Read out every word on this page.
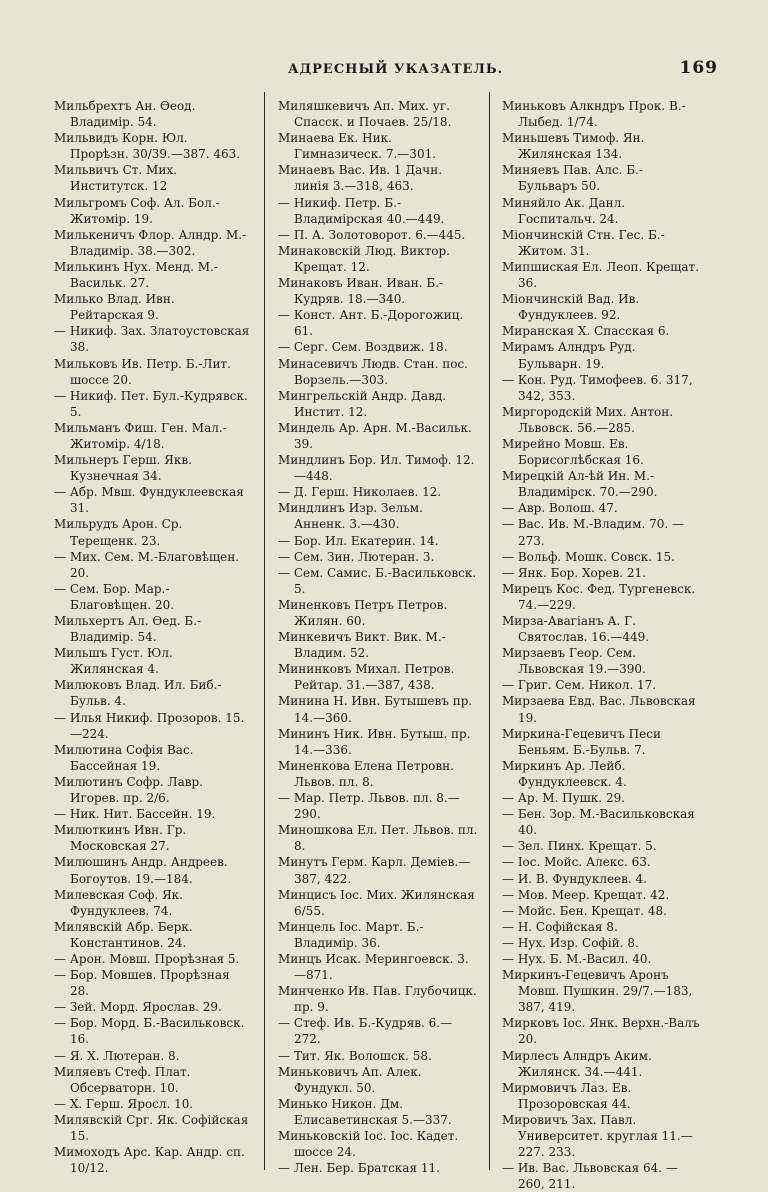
АДРЕСНЫЙ УКАЗАТЕЛЬ.	169

Мильбрехтъ Ан. Ѳеод. Владимір. 54.

Мильвидъ Корн. Юл. Прорѣзн. 30/39.—387. 463.

Мильвичъ Ст. Мих. Институтск. 12

Мильгромъ Соф. Ал. Бол.-Житомір. 19.

Милькеничъ Флор. Алндр. М.-Владимір. 38.—302.

Милькинъ Нух. Менд. М.-Васильк. 27.

Милько Влад. Ивн. Рейтарская 9.

— Никиф. Зах. Златоустовская 38.

Мильковъ Ив. Петр. Б.-Лит. шоссе 20.

— Никиф. Пет. Бул.-Кудрявск. 5.

Мильманъ Фиш. Ген. Мал.-Житомір. 4/18.

Мильнеръ Герш. Якв. Кузнечная 34.

— Абр. Мвш. Фундуклеевская 31.

Мильрудъ Арон. Ср. Терещенк. 23.

— Мих. Сем. М.-Благовѣщен. 20.

— Сем. Бор. Мар.-Благовѣщен. 20.

Мильхертъ Ал. Ѳед. Б.-Владимір. 54.

Мильшъ Густ. Юл. Жилянская 4.

Милюковъ Влад. Ил. Биб.-Бульв. 4.

— Илья Никиф. Прозоров. 15.—224.

Милютина Софія Вас. Бассейная 19.

Милютинъ Софр. Лавр. Игорев. пр. 2/6.

— Ник. Нит. Бассейн. 19.

Милюткинъ Ивн. Гр. Московская 27.

Милюшинъ Андр. Андреев. Богоутов. 19.—184.

Милевская Соф. Як. Фундуклеев. 74.

Милявскій Абр. Берк. Константинов. 24.

— Арон. Мовш. Прорѣзная 5.

— Бор. Мовшев. Прорѣзная 28.

— Зей. Морд. Ярослав. 29.

— Бор. Морд. Б.-Васильковск. 16.

— Я. Х. Лютеран. 8.

Миляевъ Стеф. Плат. Обсерваторн. 10.

— Х. Герш. Яросл. 10.

Милявскій Срг. Як. Софійская 15.

Мимоходъ Арс. Кар. Андр. сп. 10/12.

Миляшкевичъ Ап. Мих. уг. Спасск. и Почаев. 25/18.

Минаева Ек. Ник. Гимназическ. 7.—301.

Минаевъ Вас. Ив. 1 Дачн. линія 3.—318, 463.

— Никиф. Петр. Б.-Владимірская 40.—449.

— П. А. Золотоворот. 6.—445.

Минаковскій Люд. Виктор. Крещат. 12.

Минаковъ Иван. Иван. Б.-Кудряв. 18.—340.

— Конст. Ант. Б.-Дорогожиц. 61.

— Серг. Сем. Воздвиж. 18.

Минасевичъ Людв. Стан. пос. Ворзель.—303.

Мингрельскій Андр. Давд. Инстит. 12.

Миндель Ар. Арн. М.-Васильк. 39.

Миндлинъ Бор. Ил. Тимоф. 12.—448.

— Д. Герш. Николаев. 12.

Миндлинъ Изр. Зельм. Анненк. 3.—430.

— Бор. Ил. Екатерин. 14.

— Сем. Зин. Лютеран. 3.

— Сем. Самис. Б.-Васильковск. 5.

Миненковъ Петръ Петров. Жилян. 60.

Минкевичъ Викт. Вик. М.-Владим. 52.

Мининковъ Михал. Петров. Рейтар. 31.—387, 438.

Минина Н. Ивн. Бутышевъ пр. 14.—360.

Мининъ Ник. Ивн. Бутыш. пр. 14.—336.

Миненкова Елена Петровн. Львов. пл. 8.

— Мар. Петр. Львов. пл. 8.—290.

Миношкова Ел. Пет. Львов. пл. 8.

Минутъ Герм. Карл. Деміев.—387, 422.

Минцисъ Іос. Мих. Жилянская 6/55.

Минцель Іос. Март. Б.-Владимір. 36.

Минцъ Исак. Мерингоевск. 3.—871.

Минченко Ив. Пав. Глубочицк. пр. 9.

— Стеф. Ив. Б.-Кудряв. 6.—272.

— Тит. Як. Волошск. 58.

Миньковичъ Ап. Алек. Фундукл. 50.

Минько Никон. Дм. Елисаветинская 5.—337.

Миньковскій Іос. Іос. Кадет. шоссе 24.

— Лен. Бер. Братская 11.

Миньковъ Алкндръ Прок. В.-Лыбед. 1/74.

Миньшевъ Тимоф. Ян. Жилянская 134.

Миняевъ Пав. Алс. Б.-Бульваръ 50.

Миняйло Ак. Данл. Госпитальч. 24.

Міончинскій Стн. Гес. Б.-Житом. 31.

Мипшиская Ел. Леоп. Крещат. 36.

Міончинскій Вад. Ив. Фундуклеев. 92.

Миранская Х. Спасская 6.

Мирамъ Алндръ Руд. Бульварн. 19.

— Кон. Руд. Тимофеев. 6. 317, 342, 353.

Миргородскій Мих. Антон. Львовск. 56.—285.

Мирейно Мовш. Ев. Борисоглѣбская 16.

Мирецкій Ал-ѣй Ин. М.-Владимірск. 70.—290.

— Авр. Волош. 47.

— Вас. Ив. М.-Владим. 70. —273.

— Вольф. Мошк. Совск. 15.

— Янк. Бор. Хорев. 21.

Мирецъ Кос. Фед. Тургеневск. 74.—229.

Мирза-Авагіанъ А. Г. Святослав. 16.—449.

Мирзаевъ Геор. Сем. Львовская 19.—390.

— Григ. Сем. Никол. 17.

Мирзаева Евд. Вас. Львовская 19.

Миркина-Гецевичъ Песи Беньям. Б.-Бульв. 7.

Миркинъ Ар. Лейб. Фундуклеевск. 4.

— Ар. М. Пушк. 29.

— Бен. Зор. М.-Васильковская 40.

— Зел. Пинх. Крещат. 5.

— Іос. Мойс. Алекс. 63.

— И. В. Фундуклеев. 4.

— Мов. Меер. Крещат. 42.

— Мойс. Бен. Крещат. 48.

— Н. Софійская 8.

— Нух. Изр. Софій. 8.

— Нух. Б. М.-Васил. 40.

Миркинъ-Гецевичъ Аронъ Мовш. Пушкин. 29/7.—183, 387, 419.

Мирковъ Іос. Янк. Верхн.-Валъ 20.

Мирлесъ Алндръ Аким. Жилянск. 34.—441.

Мирмовичъ Лаз. Ев. Прозоровская 44.

Мировичъ Зах. Павл. Университет. круглая 11.—227. 233.

— Ив. Вас. Львовская 64. —260, 211.
